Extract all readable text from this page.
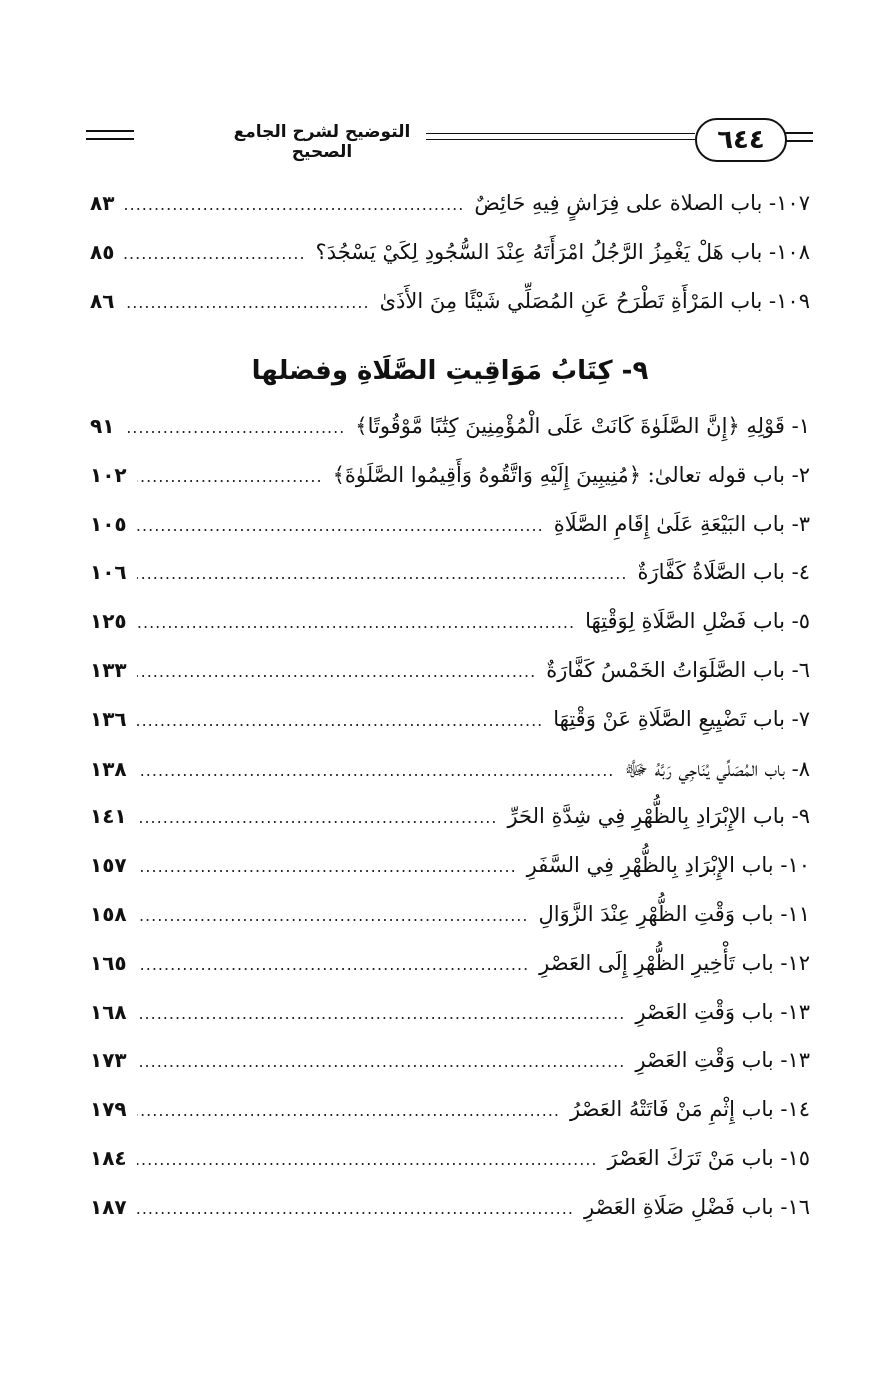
التوضيح لشرح الجامع الصحيح	٦٤٤
١٠٧- باب الصلاة على فِرَاشٍ فِيهِ حَائِضٌ
.....
٨٣
١٠٨- باب هَلْ يَغْمِزُ الرَّجُلُ امْرَأَتَهُ عِنْدَ السُّجُودِ لِكَيْ يَسْجُدَ؟
.....
٨٥
١٠٩- باب المَرْأَةِ تَطْرَحُ عَنِ المُصَلِّي شَيْئًا مِنَ الأَذَىٰ
.....
٨٦
٩- كِتَابُ مَوَاقِيتِ الصَّلَاةِ وفضلها
١- قَوْلِهِ ﴿إِنَّ الصَّلَوٰةَ كَانَتْ عَلَى الْمُؤْمِنِينَ كِتَٰبًا مَّوْقُوتًا﴾
.....
٩١
٢- باب قوله تعالىٰ: ﴿مُنِيبِينَ إِلَيْهِ وَاتَّقُوهُ وَأَقِيمُوا الصَّلَوٰةَ﴾
.....
١٠٢
٣- باب البَيْعَةِ عَلَىٰ إِقَامِ الصَّلَاةِ
.....
١٠٥
٤- باب الصَّلَاةُ كَفَّارَةٌ
.....
١٠٦
٥- باب فَضْلِ الصَّلَاةِ لِوَقْتِهَا
.....
١٢٥
٦- باب الصَّلَوَاتُ الخَمْسُ كَفَّارَةٌ
.....
١٣٣
٧- باب تَضْيِيعِ الصَّلَاةِ عَنْ وَقْتِهَا
.....
١٣٦
٨- باب المُصَلِّي يُنَاجِي رَبَّهُ ﷻ
.....
١٣٨
٩- باب الإِبْرَادِ بِالظُّهْرِ فِي شِدَّةِ الحَرِّ
.....
١٤١
١٠- باب الإِبْرَادِ بِالظُّهْرِ فِي السَّفَرِ
.....
١٥٧
١١- باب وَقْتِ الظُّهْرِ عِنْدَ الزَّوَالِ
.....
١٥٨
١٢- باب تَأْخِيرِ الظُّهْرِ إِلَى العَصْرِ
.....
١٦٥
١٣- باب وَقْتِ العَصْرِ
.....
١٦٨
١٣- باب وَقْتِ العَصْرِ
.....
١٧٣
١٤- باب إِثْمِ مَنْ فَاتَتْهُ العَصْرُ
.....
١٧٩
١٥- باب مَنْ تَرَكَ العَصْرَ
.....
١٨٤
١٦- باب فَضْلِ صَلَاةِ العَصْرِ
.....
١٨٧
